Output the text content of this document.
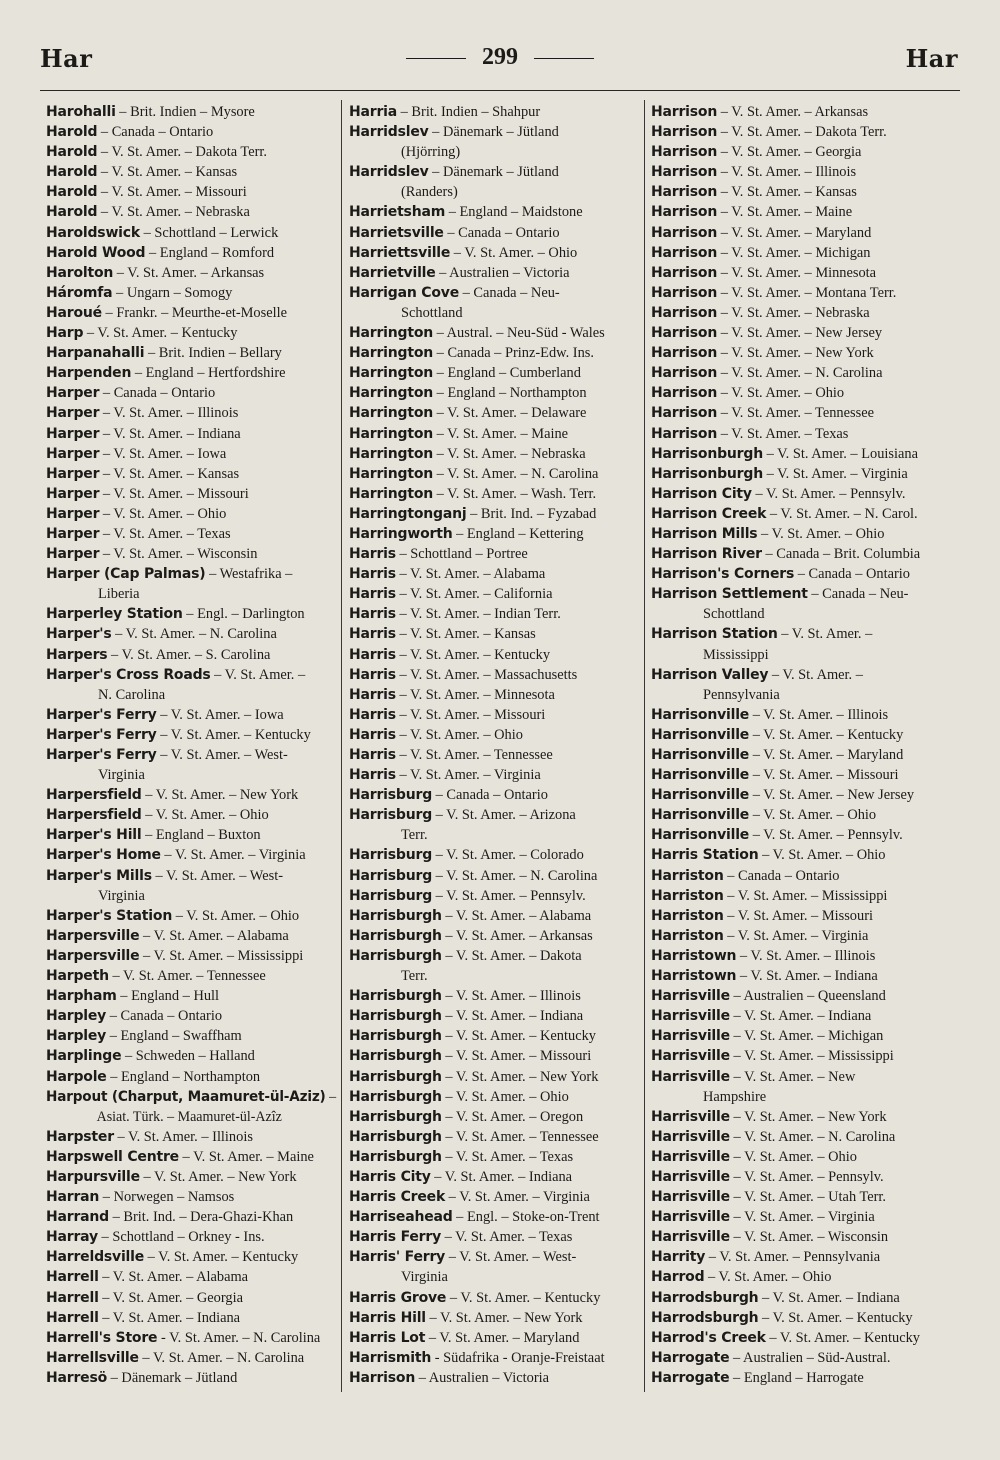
Har	299	Har
Harohalli – Brit. Indien – Mysore
Harold – Canada – Ontario
Harold – V. St. Amer. – Dakota Terr.
Harold – V. St. Amer. – Kansas
Harold – V. St. Amer. – Missouri
Harold – V. St. Amer. – Nebraska
Haroldswick – Schottland – Lerwick
Harold Wood – England – Romford
Harolton – V. St. Amer. – Arkansas
Háromfa – Ungarn – Somogy
Haroué – Frankr. – Meurthe-et-Moselle
Harp – V. St. Amer. – Kentucky
Harpanahalli – Brit. Indien – Bellary
Harpenden – England – Hertfordshire
Harper – Canada – Ontario
Harper – V. St. Amer. – Illinois
Harper – V. St. Amer. – Indiana
Harper – V. St. Amer. – Iowa
Harper – V. St. Amer. – Kansas
Harper – V. St. Amer. – Missouri
Harper – V. St. Amer. – Ohio
Harper – V. St. Amer. – Texas
Harper – V. St. Amer. – Wisconsin
Harper (Cap Palmas) – Westafrika –
Liberia
Harperley Station – Engl. – Darlington
Harper's – V. St. Amer. – N. Carolina
Harpers – V. St. Amer. – S. Carolina
Harper's Cross Roads – V. St. Amer. –
N. Carolina
Harper's Ferry – V. St. Amer. – Iowa
Harper's Ferry – V. St. Amer. – Kentucky
Harper's Ferry – V. St. Amer. – West-
Virginia
Harpersfield – V. St. Amer. – New York
Harpersfield – V. St. Amer. – Ohio
Harper's Hill – England – Buxton
Harper's Home – V. St. Amer. – Virginia
Harper's Mills – V. St. Amer. – West-
Virginia
Harper's Station – V. St. Amer. – Ohio
Harpersville – V. St. Amer. – Alabama
Harpersville – V. St. Amer. – Mississippi
Harpeth – V. St. Amer. – Tennessee
Harpham – England – Hull
Harpley – Canada – Ontario
Harpley – England – Swaffham
Harplinge – Schweden – Halland
Harpole – England – Northampton
Harpout (Charput, Maamuret-ül-Aziz) –
Asiat. Türk. – Maamuret-ül-Azîz
Harpster – V. St. Amer. – Illinois
Harpswell Centre – V. St. Amer. – Maine
Harpursville – V. St. Amer. – New York
Harran – Norwegen – Namsos
Harrand – Brit. Ind. – Dera-Ghazi-Khan
Harray – Schottland – Orkney - Ins.
Harreldsville – V. St. Amer. – Kentucky
Harrell – V. St. Amer. – Alabama
Harrell – V. St. Amer. – Georgia
Harrell – V. St. Amer. – Indiana
Harrell's Store - V. St. Amer. – N. Carolina
Harrellsville – V. St. Amer. – N. Carolina
Harresö – Dänemark – Jütland
Harria – Brit. Indien – Shahpur
Harridslev – Dänemark – Jütland
(Hjörring)
Harridslev – Dänemark – Jütland
(Randers)
Harrietsham – England – Maidstone
Harrietsville – Canada – Ontario
Harriettsville – V. St. Amer. – Ohio
Harrietville – Australien – Victoria
Harrigan Cove – Canada – Neu-
Schottland
Harrington – Austral. – Neu-Süd - Wales
Harrington – Canada – Prinz-Edw. Ins.
Harrington – England – Cumberland
Harrington – England – Northampton
Harrington – V. St. Amer. – Delaware
Harrington – V. St. Amer. – Maine
Harrington – V. St. Amer. – Nebraska
Harrington – V. St. Amer. – N. Carolina
Harrington – V. St. Amer. – Wash. Terr.
Harringtonganj – Brit. Ind. – Fyzabad
Harringworth – England – Kettering
Harris – Schottland – Portree
Harris – V. St. Amer. – Alabama
Harris – V. St. Amer. – California
Harris – V. St. Amer. – Indian Terr.
Harris – V. St. Amer. – Kansas
Harris – V. St. Amer. – Kentucky
Harris – V. St. Amer. – Massachusetts
Harris – V. St. Amer. – Minnesota
Harris – V. St. Amer. – Missouri
Harris – V. St. Amer. – Ohio
Harris – V. St. Amer. – Tennessee
Harris – V. St. Amer. – Virginia
Harrisburg – Canada – Ontario
Harrisburg – V. St. Amer. – Arizona
Terr.
Harrisburg – V. St. Amer. – Colorado
Harrisburg – V. St. Amer. – N. Carolina
Harrisburg – V. St. Amer. – Pennsylv.
Harrisburgh – V. St. Amer. – Alabama
Harrisburgh – V. St. Amer. – Arkansas
Harrisburgh – V. St. Amer. – Dakota
Terr.
Harrisburgh – V. St. Amer. – Illinois
Harrisburgh – V. St. Amer. – Indiana
Harrisburgh – V. St. Amer. – Kentucky
Harrisburgh – V. St. Amer. – Missouri
Harrisburgh – V. St. Amer. – New York
Harrisburgh – V. St. Amer. – Ohio
Harrisburgh – V. St. Amer. – Oregon
Harrisburgh – V. St. Amer. – Tennessee
Harrisburgh – V. St. Amer. – Texas
Harris City – V. St. Amer. – Indiana
Harris Creek – V. St. Amer. – Virginia
Harriseahead – Engl. – Stoke-on-Trent
Harris Ferry – V. St. Amer. – Texas
Harris' Ferry – V. St. Amer. – West-
Virginia
Harris Grove – V. St. Amer. – Kentucky
Harris Hill – V. St. Amer. – New York
Harris Lot – V. St. Amer. – Maryland
Harrismith - Südafrika - Oranje-Freistaat
Harrison – Australien – Victoria
Harrison – V. St. Amer. – Arkansas
Harrison – V. St. Amer. – Dakota Terr.
Harrison – V. St. Amer. – Georgia
Harrison – V. St. Amer. – Illinois
Harrison – V. St. Amer. – Kansas
Harrison – V. St. Amer. – Maine
Harrison – V. St. Amer. – Maryland
Harrison – V. St. Amer. – Michigan
Harrison – V. St. Amer. – Minnesota
Harrison – V. St. Amer. – Montana Terr.
Harrison – V. St. Amer. – Nebraska
Harrison – V. St. Amer. – New Jersey
Harrison – V. St. Amer. – New York
Harrison – V. St. Amer. – N. Carolina
Harrison – V. St. Amer. – Ohio
Harrison – V. St. Amer. – Tennessee
Harrison – V. St. Amer. – Texas
Harrisonburgh – V. St. Amer. – Louisiana
Harrisonburgh – V. St. Amer. – Virginia
Harrison City – V. St. Amer. – Pennsylv.
Harrison Creek – V. St. Amer. – N. Carol.
Harrison Mills – V. St. Amer. – Ohio
Harrison River – Canada – Brit. Columbia
Harrison's Corners – Canada – Ontario
Harrison Settlement – Canada – Neu-
Schottland
Harrison Station – V. St. Amer. –
Mississippi
Harrison Valley – V. St. Amer. –
Pennsylvania
Harrisonville – V. St. Amer. – Illinois
Harrisonville – V. St. Amer. – Kentucky
Harrisonville – V. St. Amer. – Maryland
Harrisonville – V. St. Amer. – Missouri
Harrisonville – V. St. Amer. – New Jersey
Harrisonville – V. St. Amer. – Ohio
Harrisonville – V. St. Amer. – Pennsylv.
Harris Station – V. St. Amer. – Ohio
Harriston – Canada – Ontario
Harriston – V. St. Amer. – Mississippi
Harriston – V. St. Amer. – Missouri
Harriston – V. St. Amer. – Virginia
Harristown – V. St. Amer. – Illinois
Harristown – V. St. Amer. – Indiana
Harrisville – Australien – Queensland
Harrisville – V. St. Amer. – Indiana
Harrisville – V. St. Amer. – Michigan
Harrisville – V. St. Amer. – Mississippi
Harrisville – V. St. Amer. – New
Hampshire
Harrisville – V. St. Amer. – New York
Harrisville – V. St. Amer. – N. Carolina
Harrisville – V. St. Amer. – Ohio
Harrisville – V. St. Amer. – Pennsylv.
Harrisville – V. St. Amer. – Utah Terr.
Harrisville – V. St. Amer. – Virginia
Harrisville – V. St. Amer. – Wisconsin
Harrity – V. St. Amer. – Pennsylvania
Harrod – V. St. Amer. – Ohio
Harrodsburgh – V. St. Amer. – Indiana
Harrodsburgh – V. St. Amer. – Kentucky
Harrod's Creek – V. St. Amer. – Kentucky
Harrogate – Australien – Süd-Austral.
Harrogate – England – Harrogate
